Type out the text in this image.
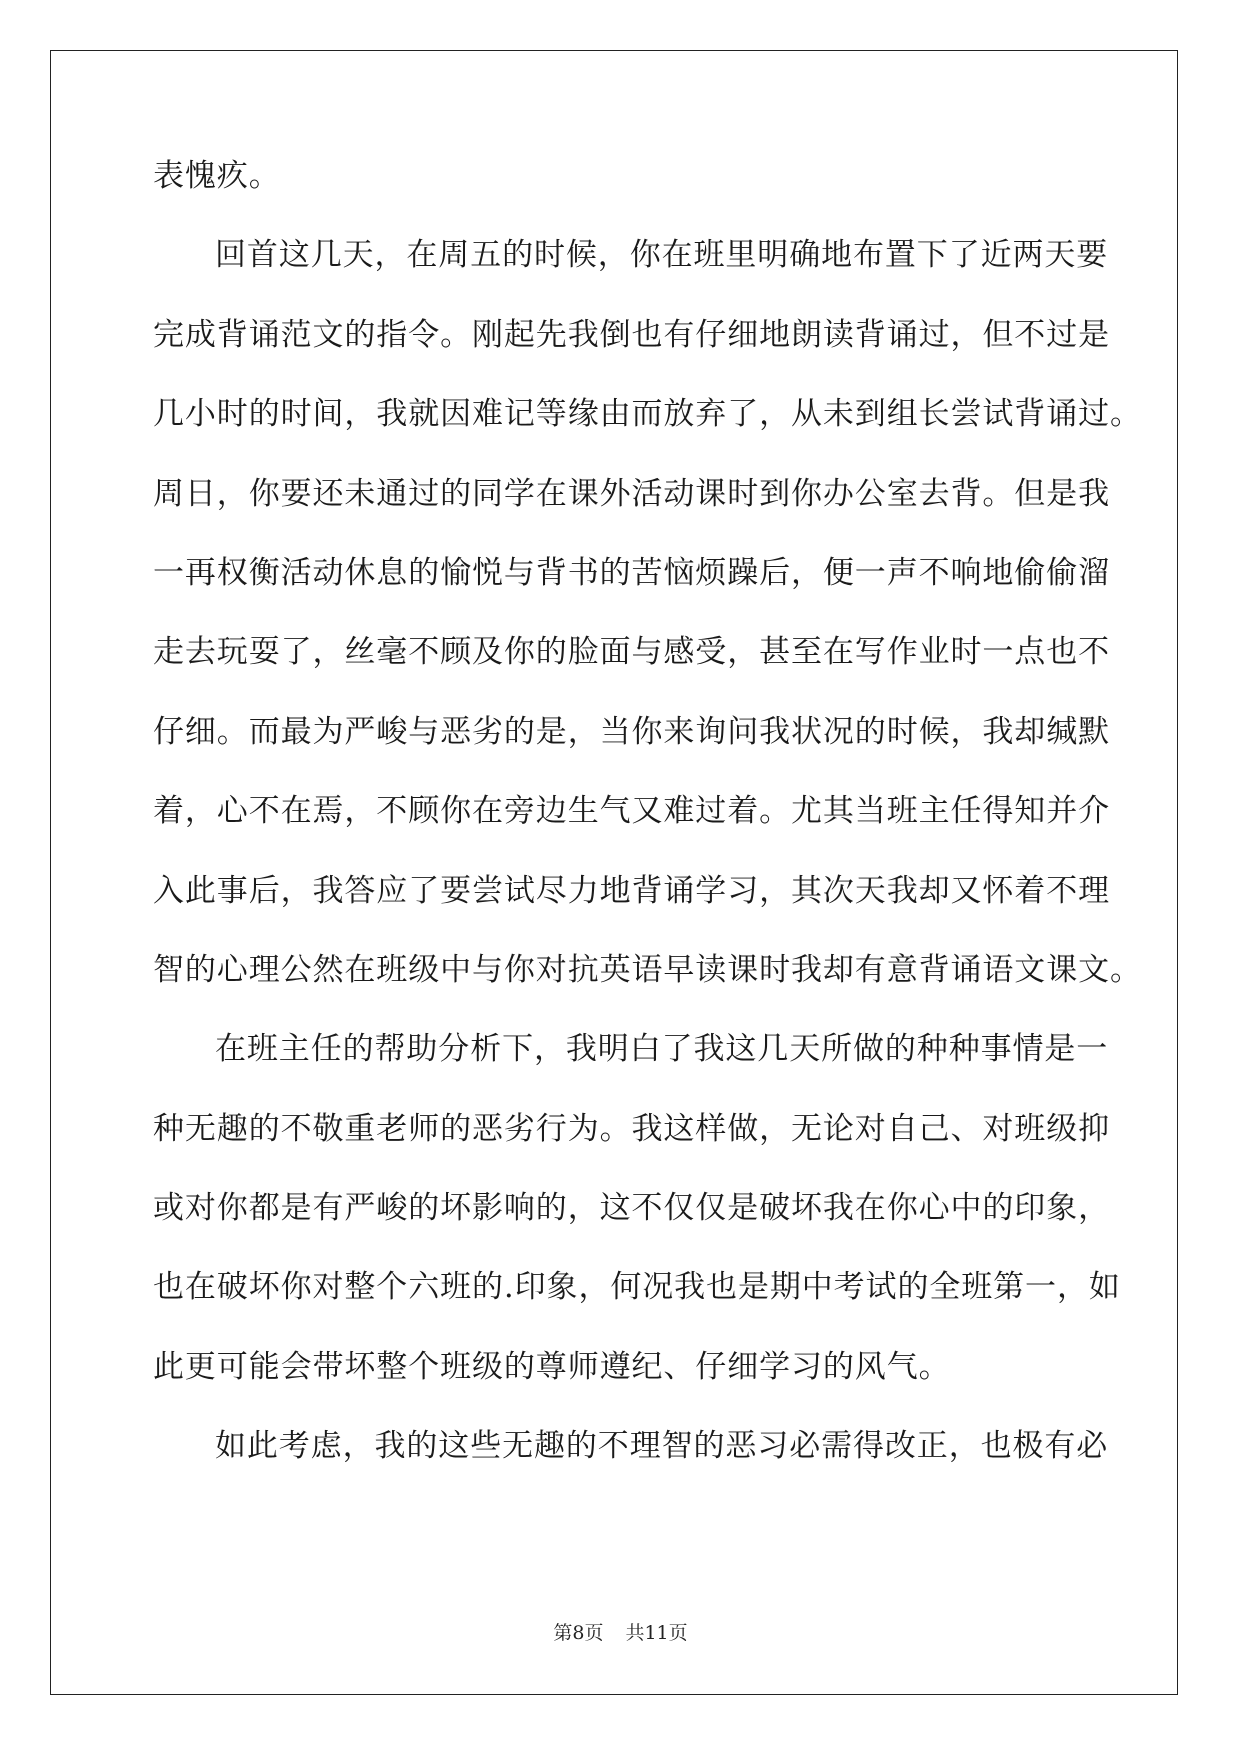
表愧疚。
回首这几天，在周五的时候，你在班里明确地布置下了近两天要
完成背诵范文的指令。刚起先我倒也有仔细地朗读背诵过，但不过是
几小时的时间，我就因难记等缘由而放弃了，从未到组长尝试背诵过。
周日，你要还未通过的同学在课外活动课时到你办公室去背。但是我
一再权衡活动休息的愉悦与背书的苦恼烦躁后，便一声不响地偷偷溜
走去玩耍了，丝毫不顾及你的脸面与感受，甚至在写作业时一点也不
仔细。而最为严峻与恶劣的是，当你来询问我状况的时候，我却缄默
着，心不在焉，不顾你在旁边生气又难过着。尤其当班主任得知并介
入此事后，我答应了要尝试尽力地背诵学习，其次天我却又怀着不理
智的心理公然在班级中与你对抗英语早读课时我却有意背诵语文课文。
在班主任的帮助分析下，我明白了我这几天所做的种种事情是一
种无趣的不敬重老师的恶劣行为。我这样做，无论对自己、对班级抑
或对你都是有严峻的坏影响的，这不仅仅是破坏我在你心中的印象，
也在破坏你对整个六班的.印象，何况我也是期中考试的全班第一，如
此更可能会带坏整个班级的尊师遵纪、仔细学习的风气。
如此考虑，我的这些无趣的不理智的恶习必需得改正，也极有必
第8页 共11页
